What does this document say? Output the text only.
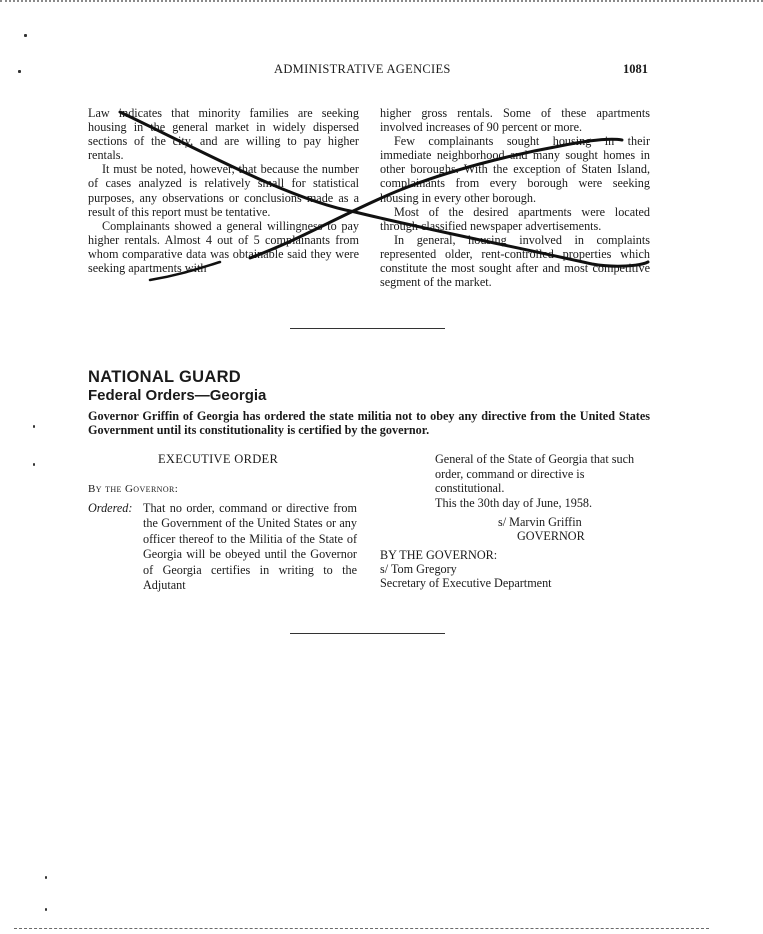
ADMINISTRATIVE AGENCIES	1081

Law indicates that minority families are seeking housing in the general market in widely dispersed sections of the city, and are willing to pay higher rentals.

It must be noted, however, that because the number of cases analyzed is relatively small for statistical purposes, any observations or conclusions made as a result of this report must be tentative.

Complainants showed a general willingness to pay higher rentals. Almost 4 out of 5 complainants from whom comparative data was obtainable said they were seeking apartments with

higher gross rentals. Some of these apartments involved increases of 90 percent or more.

Few complainants sought housing in their immediate neighborhood and many sought homes in other boroughs. With the exception of Staten Island, complainants from every borough were seeking housing in every other borough.

Most of the desired apartments were located through classified newspaper advertisements.

In general, housing involved in complaints represented older, rent-controlled properties which constitute the most sought after and most competitive segment of the market.

NATIONAL GUARD
Federal Orders—Georgia
Governor Griffin of Georgia has ordered the state militia not to obey any directive from the United States Government until its constitutionality is certified by the governor.
EXECUTIVE ORDER
By the Governor:
Ordered: That no order, command or directive from the Government of the United States or any officer thereof to the Militia of the State of Georgia will be obeyed until the Governor of Georgia certifies in writing to the Adjutant

General of the State of Georgia that such order, command or directive is constitutional.

This the 30th day of June, 1958.

s/ Marvin Griffin
GOVERNOR
BY THE GOVERNOR:
s/ Tom Gregory
Secretary of Executive Department
